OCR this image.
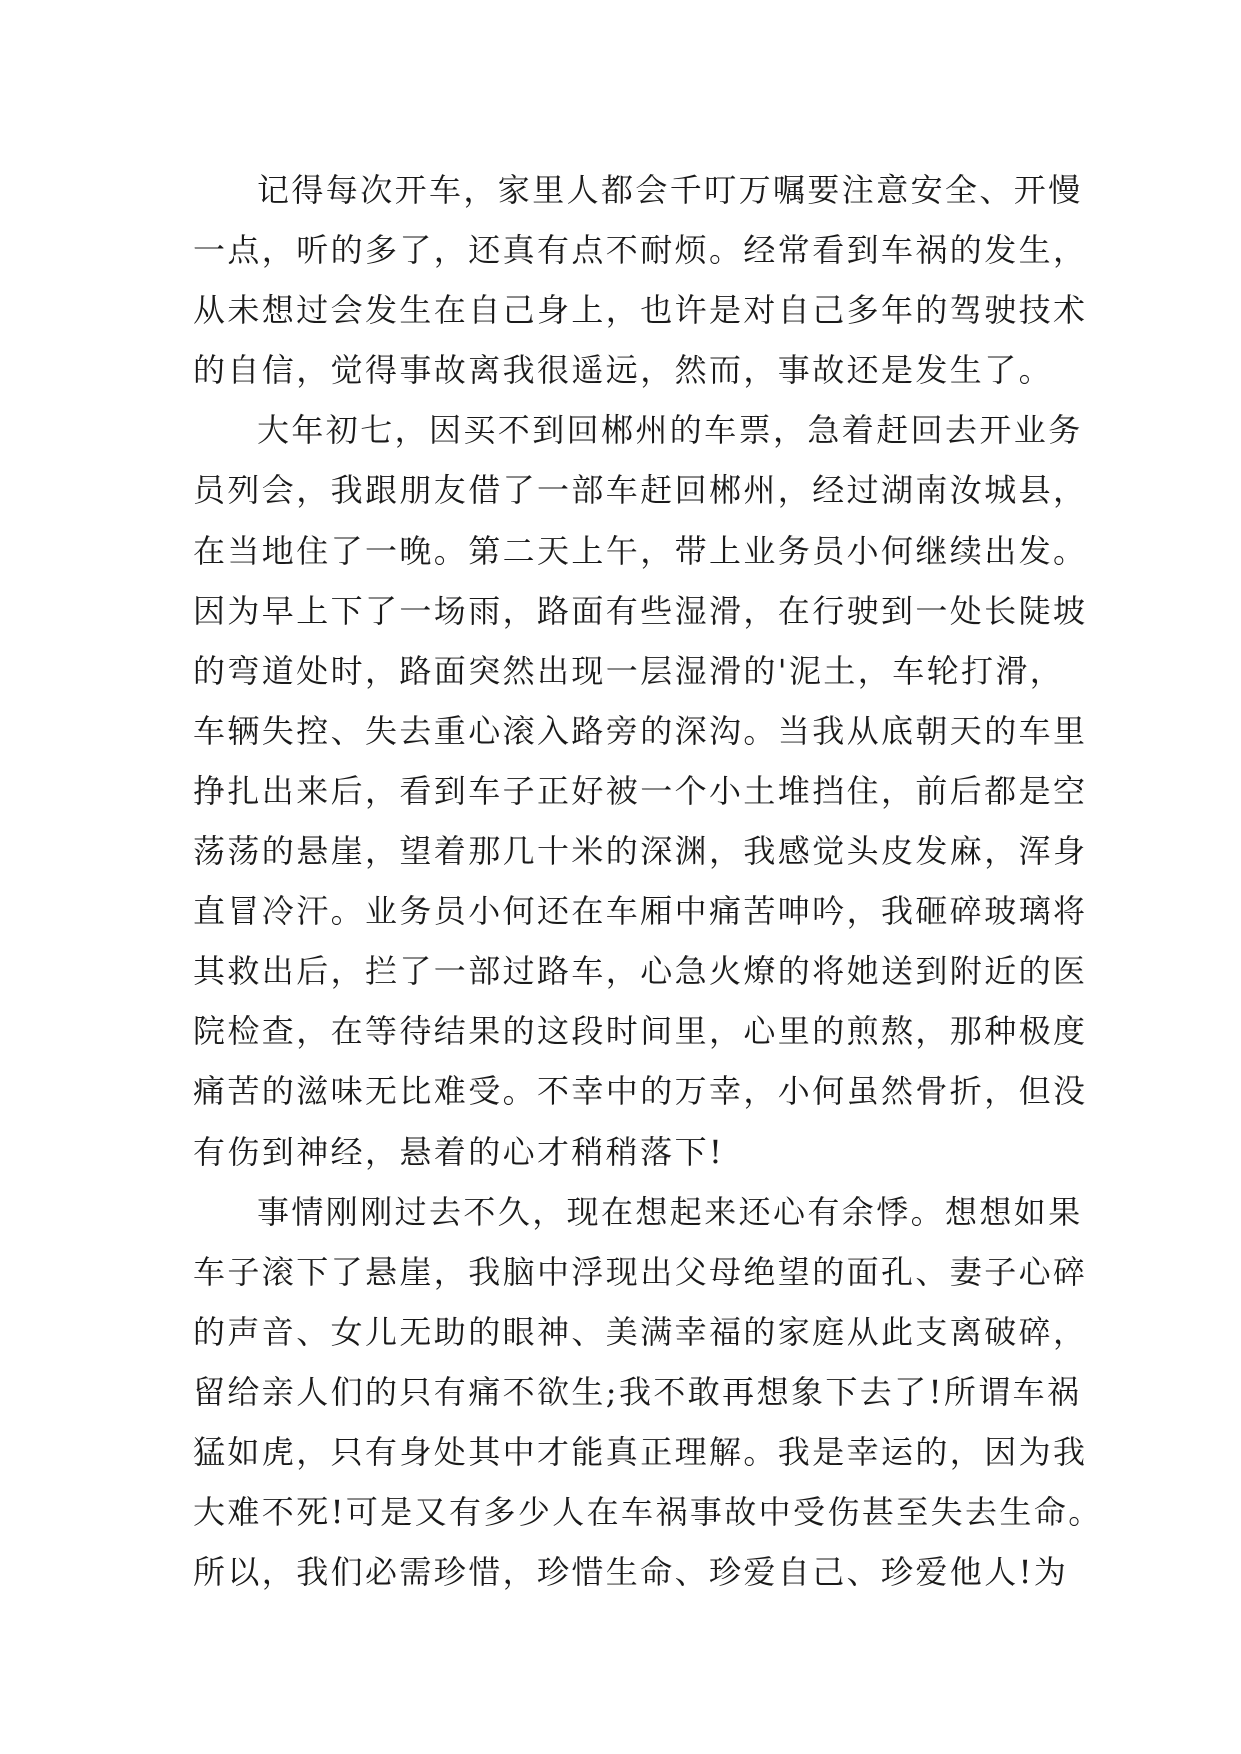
记得每次开车，家里人都会千叮万嘱要注意安全、开慢
一点，听的多了，还真有点不耐烦。经常看到车祸的发生，
从未想过会发生在自己身上，也许是对自己多年的驾驶技术
的自信，觉得事故离我很遥远，然而，事故还是发生了。
大年初七，因买不到回郴州的车票，急着赶回去开业务
员列会，我跟朋友借了一部车赶回郴州，经过湖南汝城县，
在当地住了一晚。第二天上午，带上业务员小何继续出发。
因为早上下了一场雨，路面有些湿滑，在行驶到一处长陡坡
的弯道处时，路面突然出现一层湿滑的'泥土，车轮打滑，
车辆失控、失去重心滚入路旁的深沟。当我从底朝天的车里
挣扎出来后，看到车子正好被一个小土堆挡住，前后都是空
荡荡的悬崖，望着那几十米的深渊，我感觉头皮发麻，浑身
直冒冷汗。业务员小何还在车厢中痛苦呻吟，我砸碎玻璃将
其救出后，拦了一部过路车，心急火燎的将她送到附近的医
院检查，在等待结果的这段时间里，心里的煎熬，那种极度
痛苦的滋味无比难受。不幸中的万幸，小何虽然骨折，但没
有伤到神经，悬着的心才稍稍落下!
事情刚刚过去不久，现在想起来还心有余悸。想想如果
车子滚下了悬崖，我脑中浮现出父母绝望的面孔、妻子心碎
的声音、女儿无助的眼神、美满幸福的家庭从此支离破碎，
留给亲人们的只有痛不欲生;我不敢再想象下去了!所谓车祸
猛如虎，只有身处其中才能真正理解。我是幸运的，因为我
大难不死!可是又有多少人在车祸事故中受伤甚至失去生命。
所以，我们必需珍惜，珍惜生命、珍爱自己、珍爱他人!为
